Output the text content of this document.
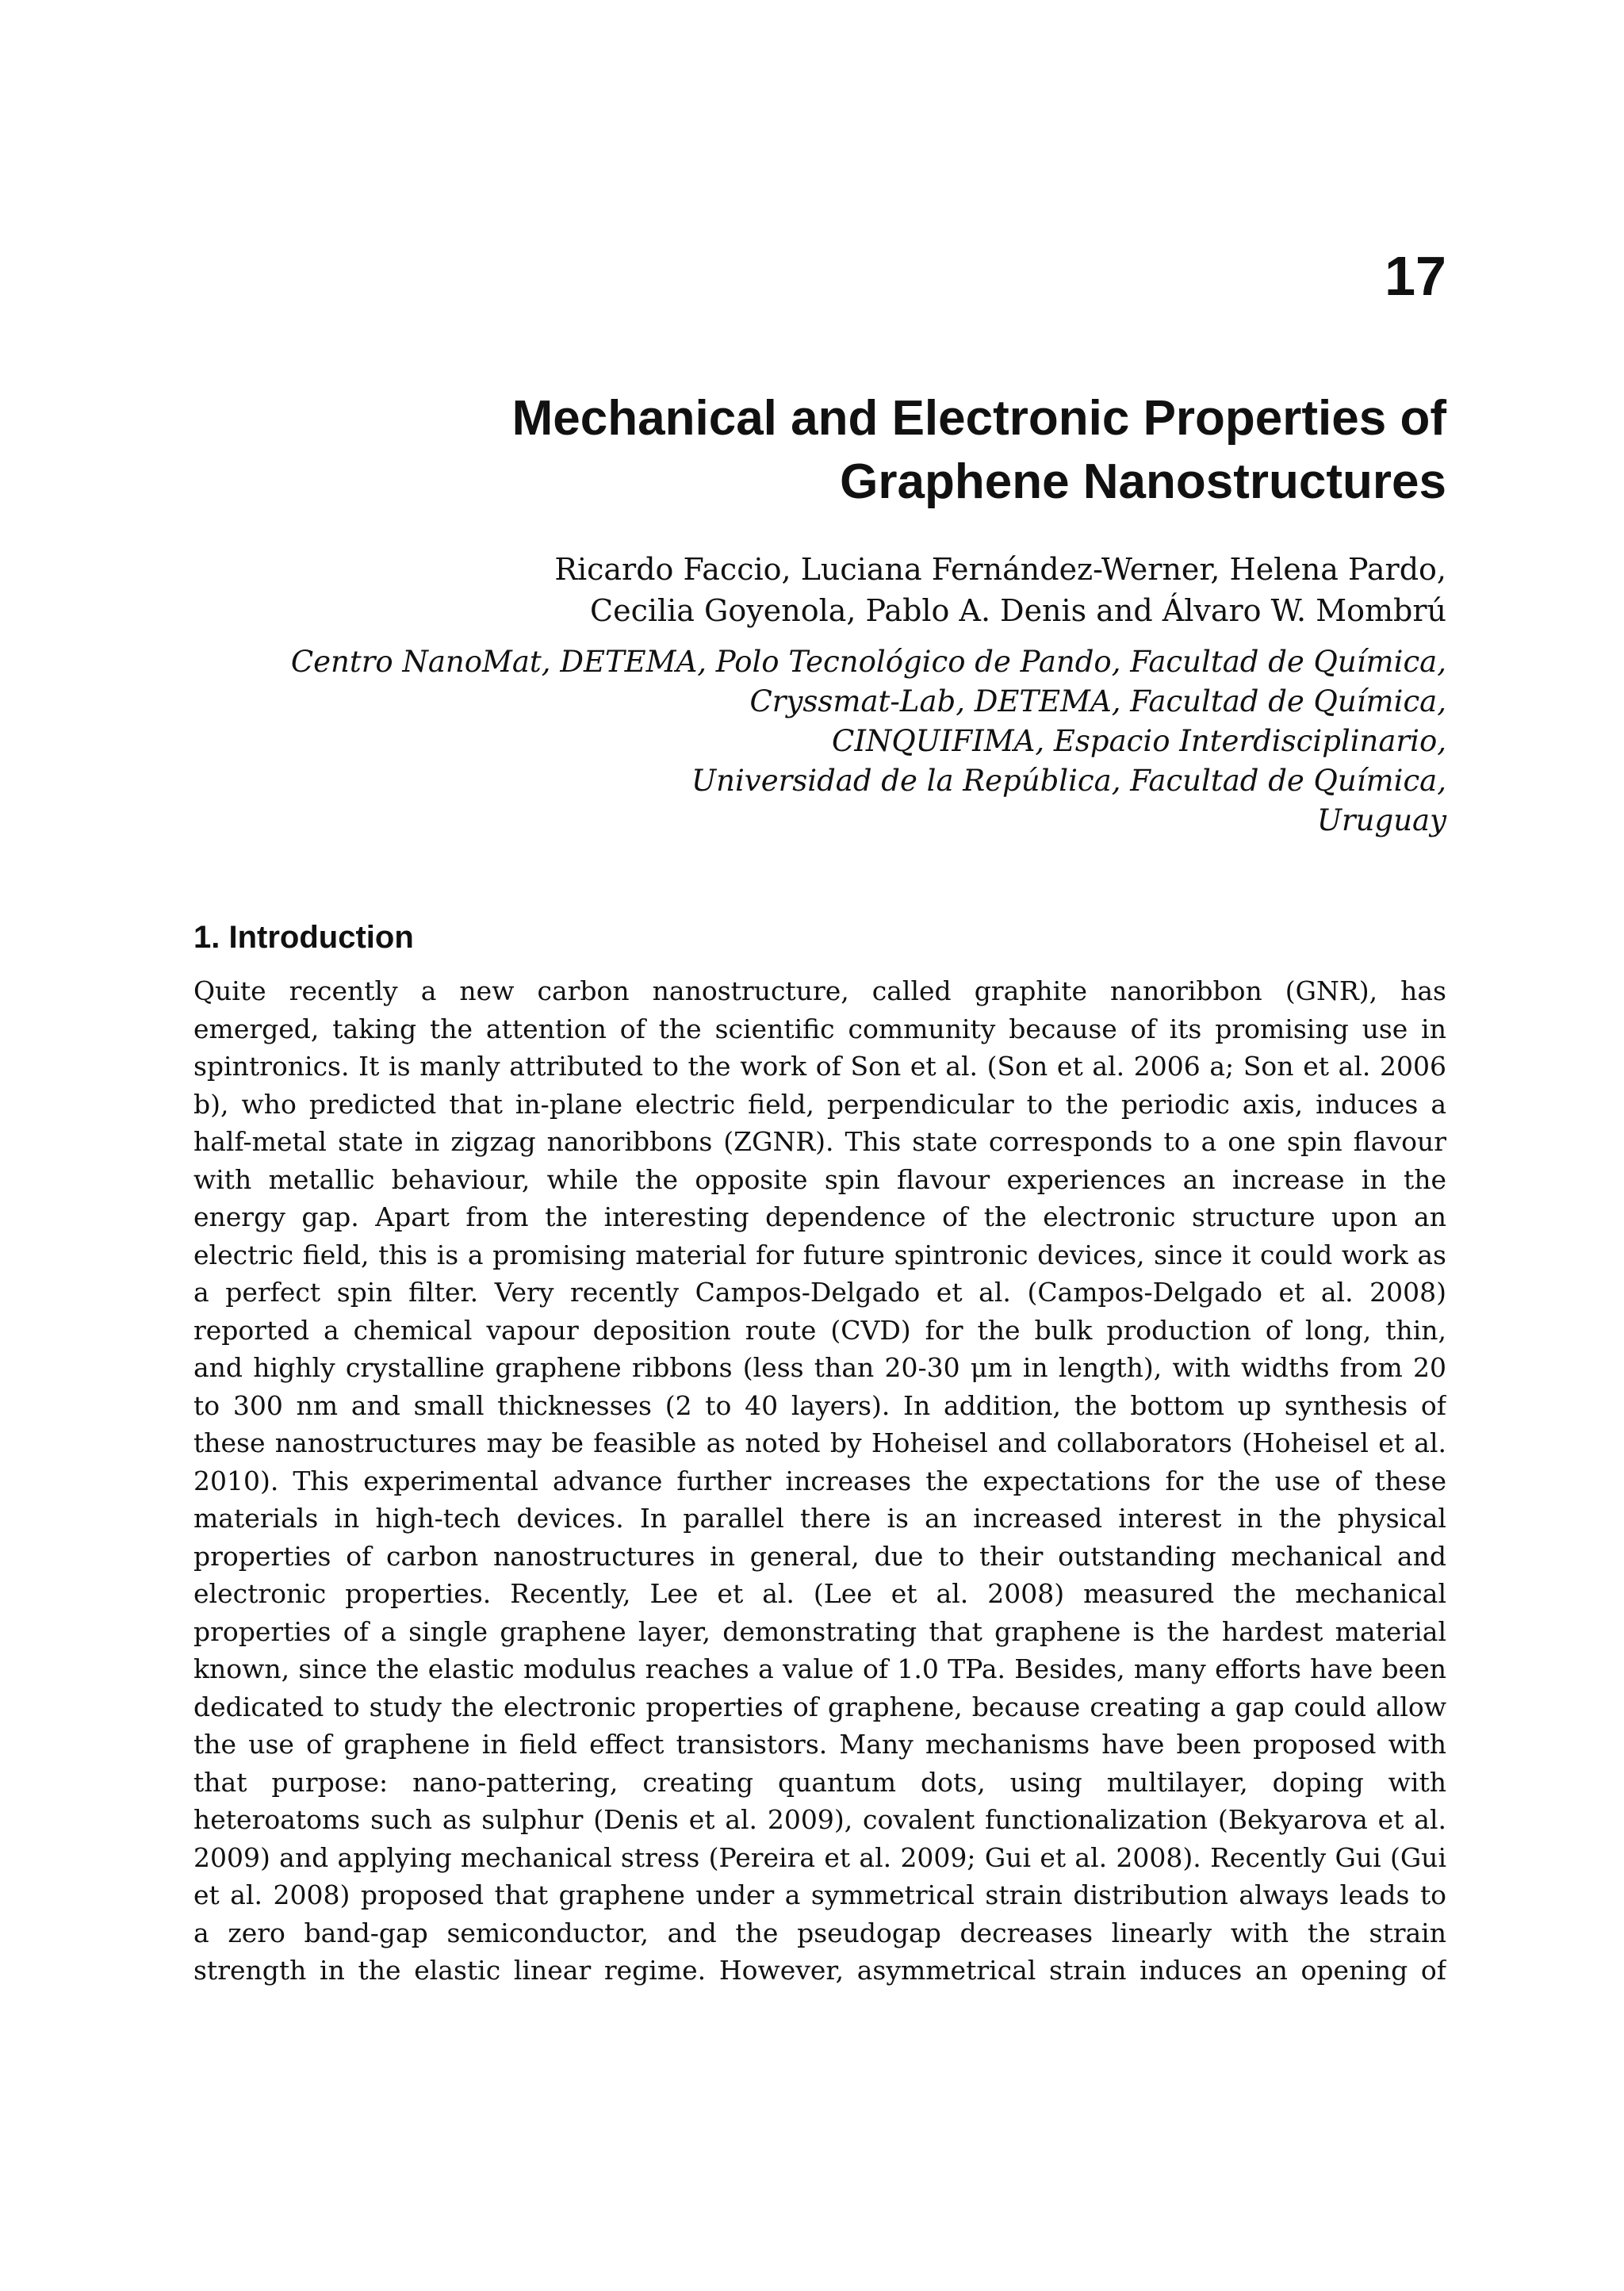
17
Mechanical and Electronic Properties of
Graphene Nanostructures
Ricardo Faccio, Luciana Fernández-Werner, Helena Pardo,
Cecilia Goyenola, Pablo A. Denis and Álvaro W. Mombrú
Centro NanoMat, DETEMA, Polo Tecnológico de Pando, Facultad de Química,
Cryssmat-Lab, DETEMA, Facultad de Química,
CINQUIFIMA, Espacio Interdisciplinario,
Universidad de la República, Facultad de Química,
Uruguay
1. Introduction
Quite recently a new carbon nanostructure, called graphite nanoribbon (GNR), has
emerged, taking the attention of the scientific community because of its promising use in
spintronics. It is manly attributed to the work of Son et al. (Son et al. 2006 a; Son et al. 2006
b), who predicted that in-plane electric field, perpendicular to the periodic axis, induces a
half-metal state in zigzag nanoribbons (ZGNR). This state corresponds to a one spin flavour
with metallic behaviour, while the opposite spin flavour experiences an increase in the
energy gap. Apart from the interesting dependence of the electronic structure upon an
electric field, this is a promising material for future spintronic devices, since it could work as
a perfect spin filter. Very recently Campos-Delgado et al. (Campos-Delgado et al. 2008)
reported a chemical vapour deposition route (CVD) for the bulk production of long, thin,
and highly crystalline graphene ribbons (less than 20-30 μm in length), with widths from 20
to 300 nm and small thicknesses (2 to 40 layers). In addition, the bottom up synthesis of
these nanostructures may be feasible as noted by Hoheisel and collaborators (Hoheisel et al.
2010). This experimental advance further increases the expectations for the use of these
materials in high-tech devices. In parallel there is an increased interest in the physical
properties of carbon nanostructures in general, due to their outstanding mechanical and
electronic properties. Recently, Lee et al. (Lee et al. 2008) measured the mechanical
properties of a single graphene layer, demonstrating that graphene is the hardest material
known, since the elastic modulus reaches a value of 1.0 TPa. Besides, many efforts have been
dedicated to study the electronic properties of graphene, because creating a gap could allow
the use of graphene in field effect transistors. Many mechanisms have been proposed with
that purpose: nano-pattering, creating quantum dots, using multilayer, doping with
heteroatoms such as sulphur (Denis et al. 2009), covalent functionalization (Bekyarova et al.
2009) and applying mechanical stress (Pereira et al. 2009; Gui et al. 2008). Recently Gui (Gui
et al. 2008) proposed that graphene under a symmetrical strain distribution always leads to
a zero band-gap semiconductor, and the pseudogap decreases linearly with the strain
strength in the elastic linear regime. However, asymmetrical strain induces an opening of
